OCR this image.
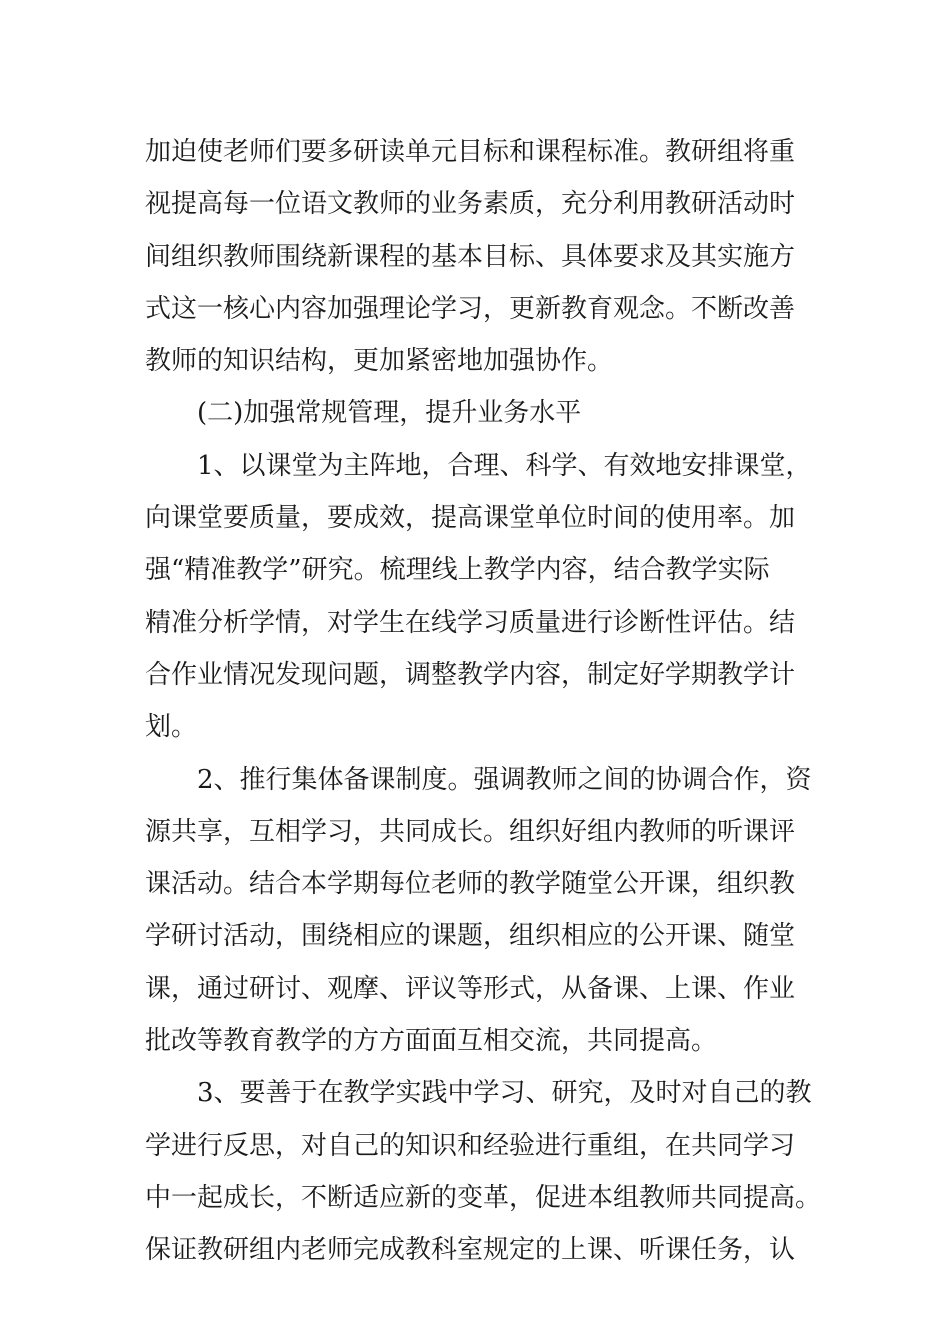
加迫使老师们要多研读单元目标和课程标准。教研组将重
视提高每一位语文教师的业务素质，充分利用教研活动时
间组织教师围绕新课程的基本目标、具体要求及其实施方
式这一核心内容加强理论学习，更新教育观念。不断改善
教师的知识结构，更加紧密地加强协作。
(二)加强常规管理，提升业务水平
1、以课堂为主阵地，合理、科学、有效地安排课堂，
向课堂要质量，要成效，提高课堂单位时间的使用率。加
强“精准教学”研究。梳理线上教学内容，结合教学实际
精准分析学情，对学生在线学习质量进行诊断性评估。结
合作业情况发现问题，调整教学内容，制定好学期教学计
划。
2、推行集体备课制度。强调教师之间的协调合作，资
源共享，互相学习，共同成长。组织好组内教师的听课评
课活动。结合本学期每位老师的教学随堂公开课，组织教
学研讨活动，围绕相应的课题，组织相应的公开课、随堂
课，通过研讨、观摩、评议等形式，从备课、上课、作业
批改等教育教学的方方面面互相交流，共同提高。
3、要善于在教学实践中学习、研究，及时对自己的教
学进行反思，对自己的知识和经验进行重组，在共同学习
中一起成长，不断适应新的变革，促进本组教师共同提高。
保证教研组内老师完成教科室规定的上课、听课任务，认
